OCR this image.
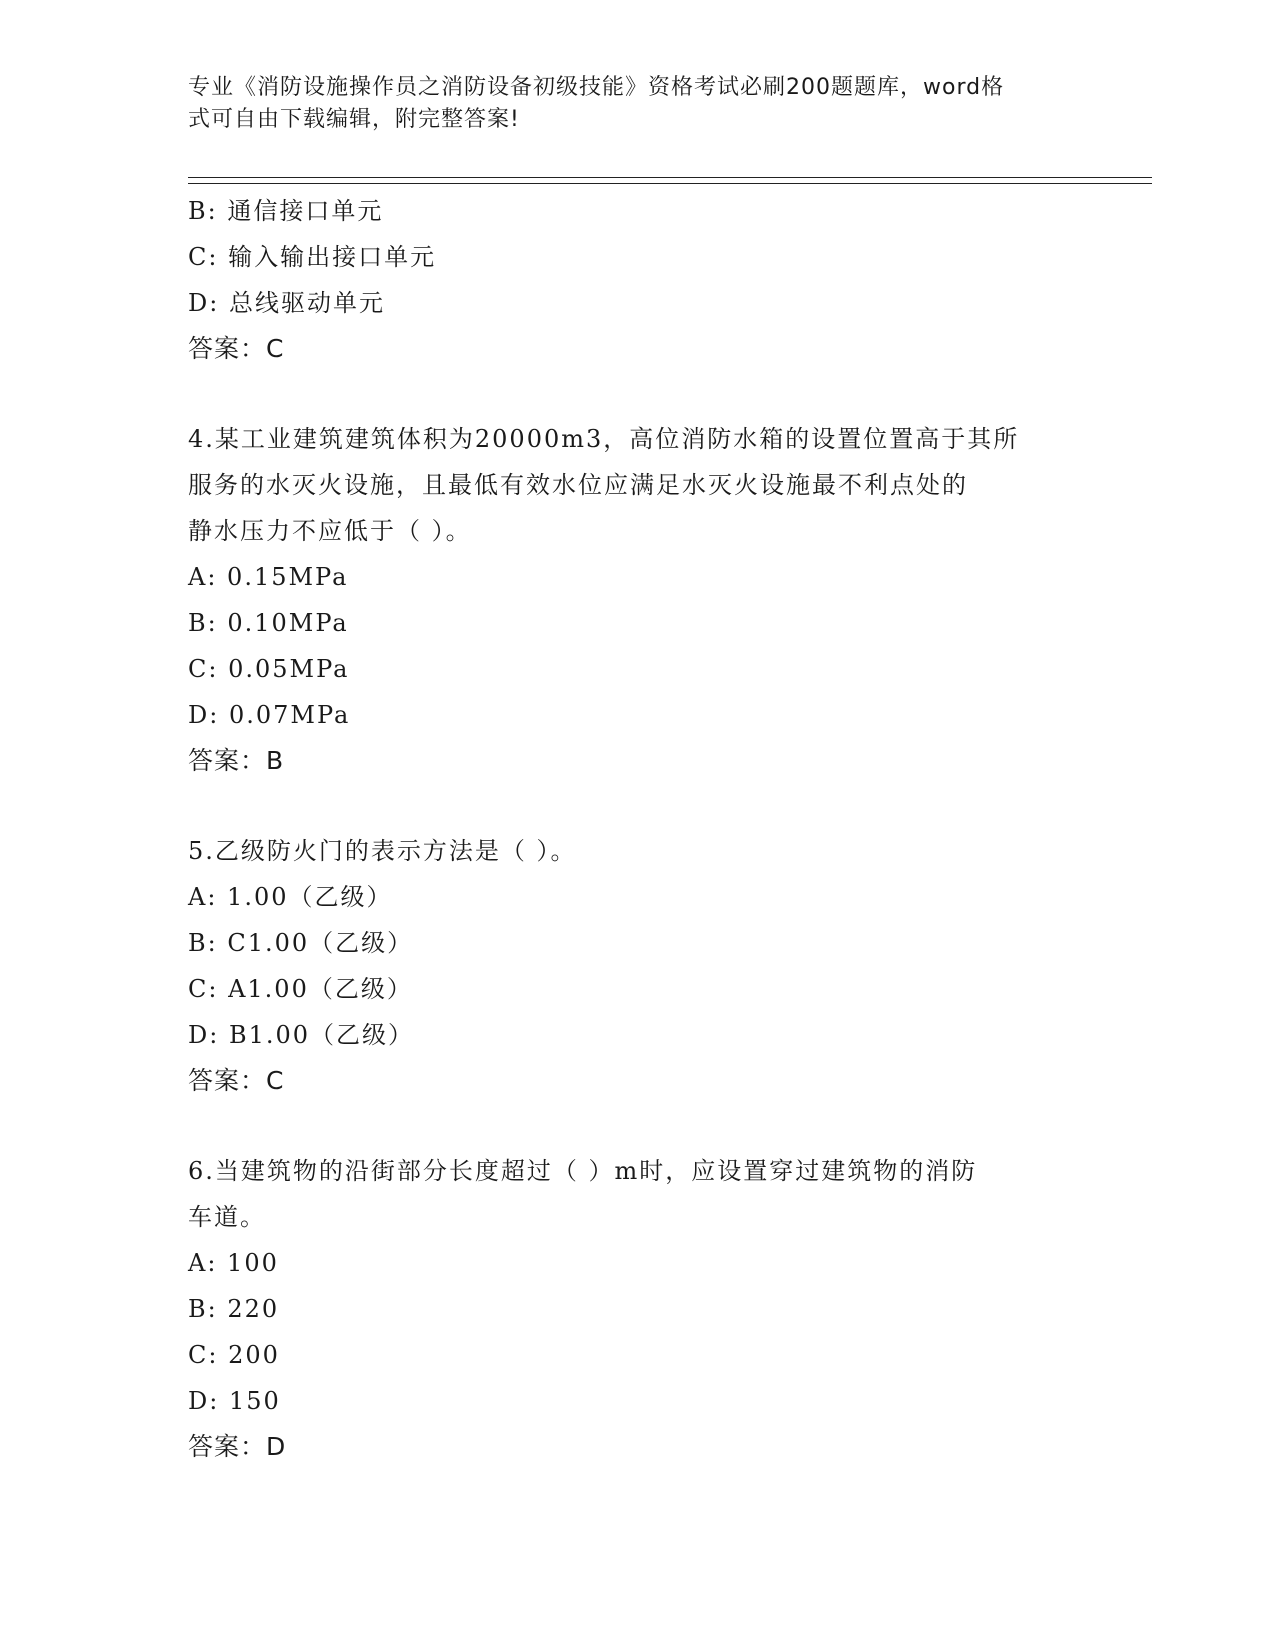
专业《消防设施操作员之消防设备初级技能》资格考试必刷200题题库，word格
式可自由下载编辑，附完整答案!
B: 通信接口单元
C: 输入输出接口单元
D: 总线驱动单元
答案：C
4.某工业建筑建筑体积为20000m3，高位消防水箱的设置位置高于其所
服务的水灭火设施，且最低有效水位应满足水灭火设施最不利点处的
静水压力不应低于（ ）。
A: 0.15MPa
B: 0.10MPa
C: 0.05MPa
D: 0.07MPa
答案：B
5.乙级防火门的表示方法是（ ）。
A: 1.00（乙级）
B: C1.00（乙级）
C: A1.00（乙级）
D: B1.00（乙级）
答案：C
6.当建筑物的沿街部分长度超过（ ）m时，应设置穿过建筑物的消防
车道。
A: 100
B: 220
C: 200
D: 150
答案：D
